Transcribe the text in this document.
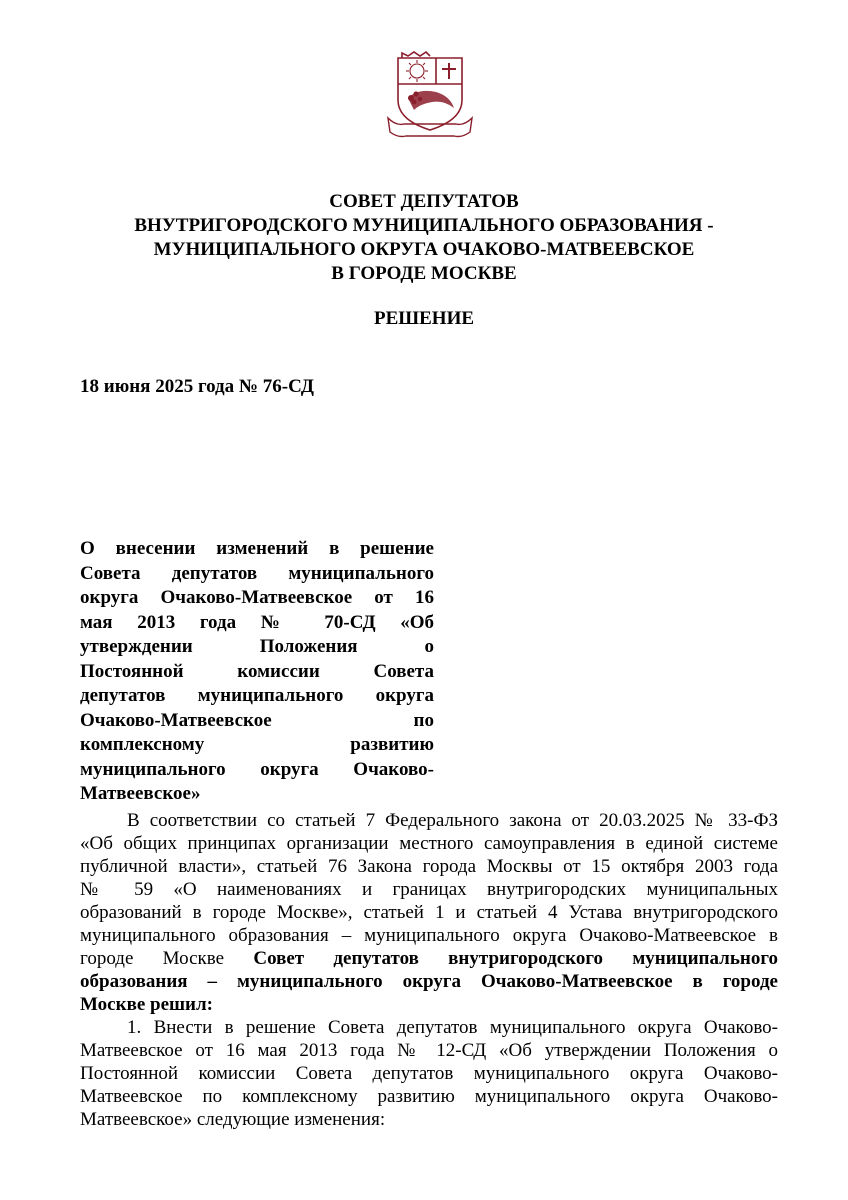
СОВЕТ ДЕПУТАТОВ
ВНУТРИГОРОДСКОГО МУНИЦИПАЛЬНОГО ОБРАЗОВАНИЯ -
МУНИЦИПАЛЬНОГО ОКРУГА ОЧАКОВО-МАТВЕЕВСКОЕ
В ГОРОДЕ МОСКВЕ
РЕШЕНИЕ
18 июня 2025 года № 76-СД
О внесении изменений в решение
Совета депутатов муниципального
округа Очаково-Матвеевское от 16
мая 2013 года № 70-СД «Об
утверждении Положения о
Постоянной комиссии Совета
депутатов муниципального округа
Очаково-Матвеевское по
комплексному развитию
муниципального округа Очаково-
Матвеевское»
В соответствии со статьей 7 Федерального закона от 20.03.2025 № 33-ФЗ
«Об общих принципах организации местного самоуправления в единой системе
публичной власти», статьей 76 Закона города Москвы от 15 октября 2003 года
№ 59 «О наименованиях и границах внутригородских муниципальных
образований в городе Москве», статьей 1 и статьей 4 Устава внутригородского
муниципального образования – муниципального округа Очаково-Матвеевское в
городе Москве Совет депутатов внутригородского муниципального
образования – муниципального округа Очаково-Матвеевское в городе
Москве решил:
1. Внести в решение Совета депутатов муниципального округа Очаково-
Матвеевское от 16 мая 2013 года № 12-СД «Об утверждении Положения о
Постоянной комиссии Совета депутатов муниципального округа Очаково-
Матвеевское по комплексному развитию муниципального округа Очаково-
Матвеевское» следующие изменения:
